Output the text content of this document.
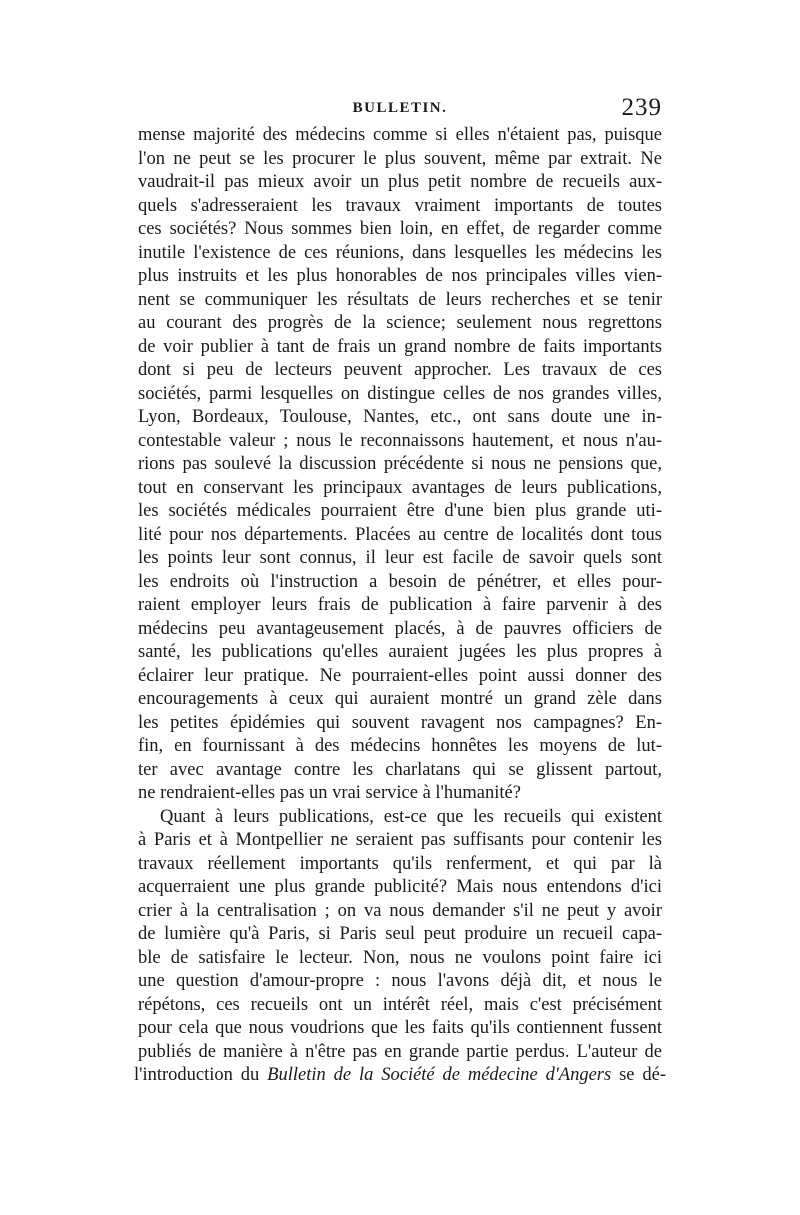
BULLETIN.	239
mense majorité des médecins comme si elles n'étaient pas, puisque
l'on ne peut se les procurer le plus souvent, même par extrait. Ne
vaudrait-il pas mieux avoir un plus petit nombre de recueils aux-
quels s'adresseraient les travaux vraiment importants de toutes
ces sociétés? Nous sommes bien loin, en effet, de regarder comme
inutile l'existence de ces réunions, dans lesquelles les médecins les
plus instruits et les plus honorables de nos principales villes vien-
nent se communiquer les résultats de leurs recherches et se tenir
au courant des progrès de la science; seulement nous regrettons
de voir publier à tant de frais un grand nombre de faits importants
dont si peu de lecteurs peuvent approcher. Les travaux de ces
sociétés, parmi lesquelles on distingue celles de nos grandes villes,
Lyon, Bordeaux, Toulouse, Nantes, etc., ont sans doute une in-
contestable valeur ; nous le reconnaissons hautement, et nous n'au-
rions pas soulevé la discussion précédente si nous ne pensions que,
tout en conservant les principaux avantages de leurs publications,
les sociétés médicales pourraient être d'une bien plus grande uti-
lité pour nos départements. Placées au centre de localités dont tous
les points leur sont connus, il leur est facile de savoir quels sont
les endroits où l'instruction a besoin de pénétrer, et elles pour-
raient employer leurs frais de publication à faire parvenir à des
médecins peu avantageusement placés, à de pauvres officiers de
santé, les publications qu'elles auraient jugées les plus propres à
éclairer leur pratique. Ne pourraient-elles point aussi donner des
encouragements à ceux qui auraient montré un grand zèle dans
les petites épidémies qui souvent ravagent nos campagnes? En-
fin, en fournissant à des médecins honnêtes les moyens de lut-
ter avec avantage contre les charlatans qui se glissent partout,
ne rendraient-elles pas un vrai service à l'humanité?
Quant à leurs publications, est-ce que les recueils qui existent
à Paris et à Montpellier ne seraient pas suffisants pour contenir les
travaux réellement importants qu'ils renferment, et qui par là
acquerraient une plus grande publicité? Mais nous entendons d'ici
crier à la centralisation ; on va nous demander s'il ne peut y avoir
de lumière qu'à Paris, si Paris seul peut produire un recueil capa-
ble de satisfaire le lecteur. Non, nous ne voulons point faire ici
une question d'amour-propre : nous l'avons déjà dit, et nous le
répétons, ces recueils ont un intérêt réel, mais c'est précisément
pour cela que nous voudrions que les faits qu'ils contiennent fussent
publiés de manière à n'être pas en grande partie perdus. L'auteur de
l'introduction du Bulletin de la Société de médecine d'Angers se dé-
